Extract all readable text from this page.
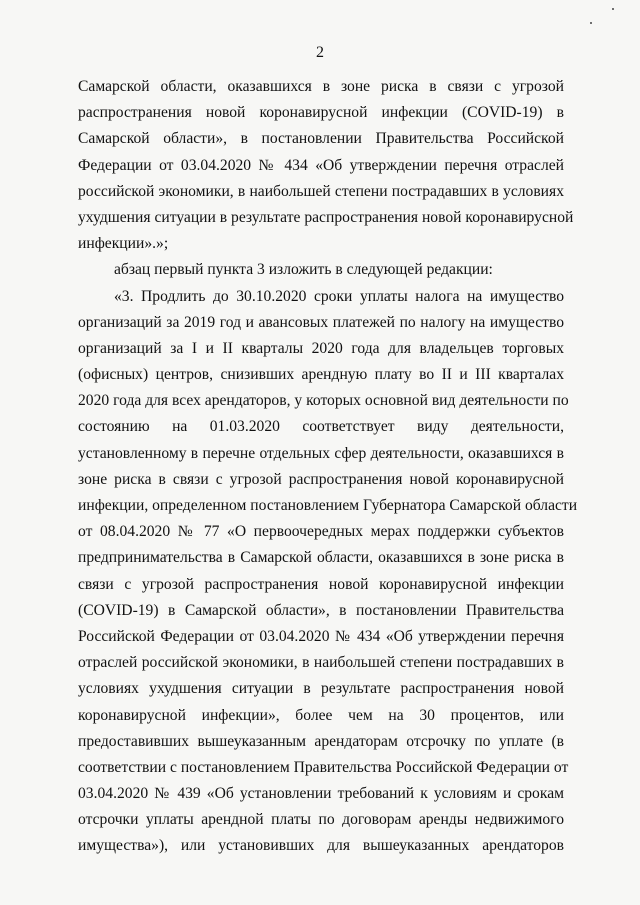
2
Самарской области, оказавшихся в зоне риска в связи с угрозой
распространения новой коронавирусной инфекции (COVID-19) в
Самарской области», в постановлении Правительства Российской
Федерации от 03.04.2020 № 434 «Об утверждении перечня отраслей
российской экономики, в наибольшей степени пострадавших в условиях
ухудшения ситуации в результате распространения новой коронавирусной
инфекции».»;
абзац первый пункта 3 изложить в следующей редакции:
«3. Продлить до 30.10.2020 сроки уплаты налога на имущество
организаций за 2019 год и авансовых платежей по налогу на имущество
организаций за I и II кварталы 2020 года для владельцев торговых
(офисных) центров, снизивших арендную плату во II и III кварталах
2020 года для всех арендаторов, у которых основной вид деятельности по
состоянию на 01.03.2020 соответствует виду деятельности,
установленному в перечне отдельных сфер деятельности, оказавшихся в
зоне риска в связи с угрозой распространения новой коронавирусной
инфекции, определенном постановлением Губернатора Самарской области
от 08.04.2020 № 77 «О первоочередных мерах поддержки субъектов
предпринимательства в Самарской области, оказавшихся в зоне риска в
связи с угрозой распространения новой коронавирусной инфекции
(COVID-19) в Самарской области», в постановлении Правительства
Российской Федерации от 03.04.2020 № 434 «Об утверждении перечня
отраслей российской экономики, в наибольшей степени пострадавших в
условиях ухудшения ситуации в результате распространения новой
коронавирусной инфекции», более чем на 30 процентов, или
предоставивших вышеуказанным арендаторам отсрочку по уплате (в
соответствии с постановлением Правительства Российской Федерации от
03.04.2020 № 439 «Об установлении требований к условиям и срокам
отсрочки уплаты арендной платы по договорам аренды недвижимого
имущества»), или установивших для вышеуказанных арендаторов
